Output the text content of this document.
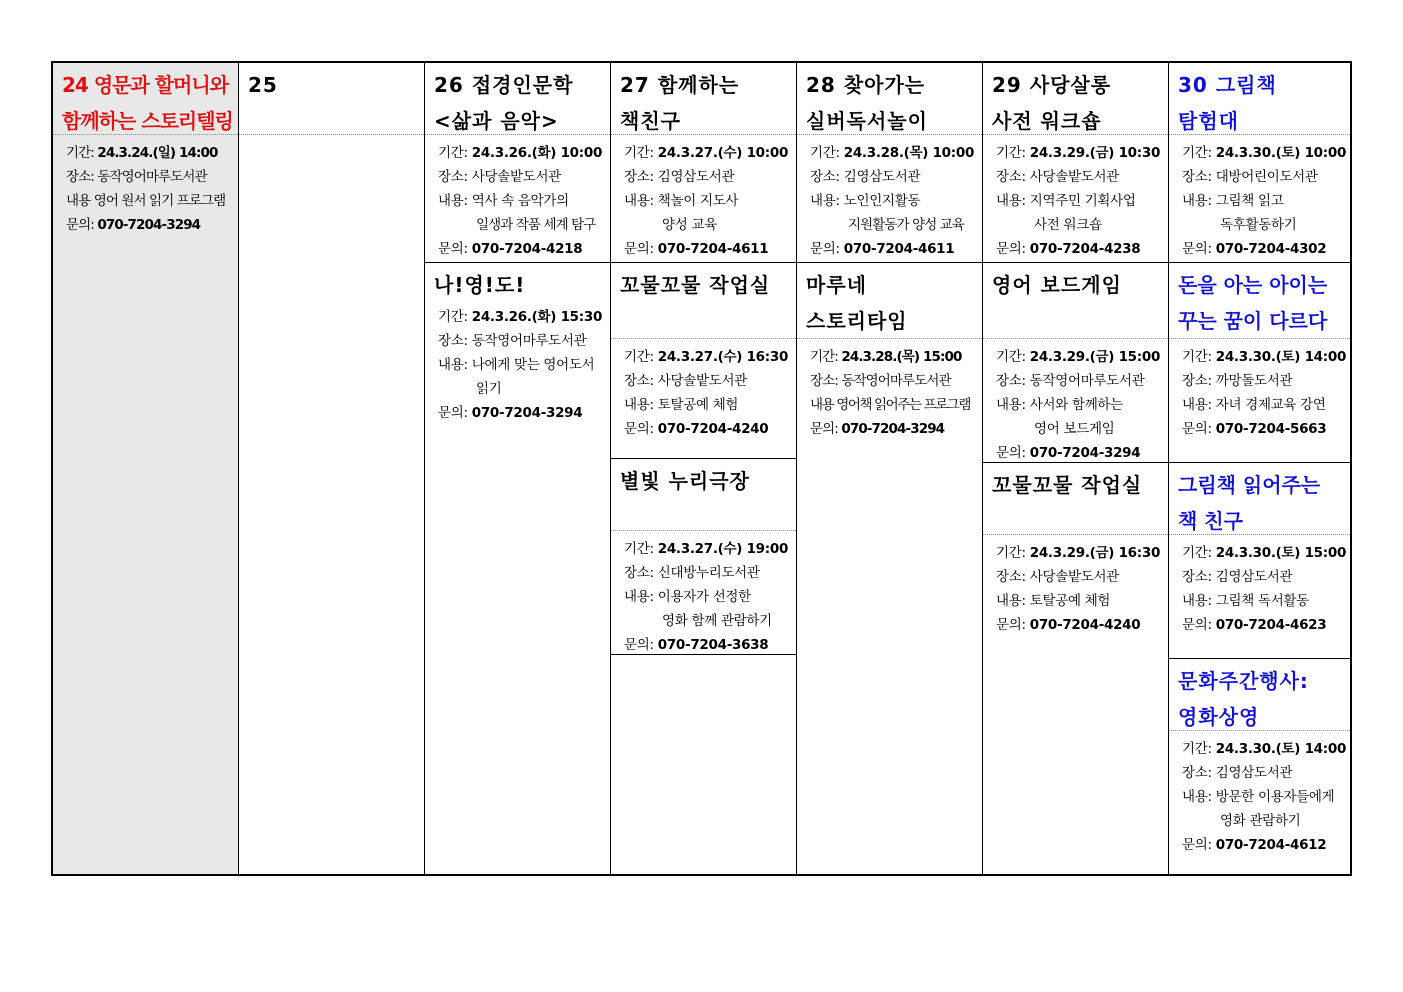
24 영문과 할머니와
함께하는 스토리텔링
기간: 24.3.24.(일) 14:00
장소: 동작영어마루도서관
내용 영어 원서 읽기 프로그램
문의: 070-7204-3294
25	26 접경인문학
<삶과 음악>
기간: 24.3.26.(화) 10:00
장소: 사당솔밭도서관
내용: 역사 속 음악가의
일생과 작품 세계 탐구
문의: 070-7204-4218
나!영!도!
기간: 24.3.26.(화) 15:30
장소: 동작영어마루도서관
내용: 나에게 맞는 영어도서
읽기
문의: 070-7204-3294
27 함께하는
책친구
기간: 24.3.27.(수) 10:00
장소: 김영삼도서관
내용: 책놀이 지도사
양성 교육
문의: 070-7204-4611
꼬물꼬물 작업실
기간: 24.3.27.(수) 16:30
장소: 사당솔밭도서관
내용: 토탈공예 체험
문의: 070-7204-4240
별빛 누리극장
기간: 24.3.27.(수) 19:00
장소: 신대방누리도서관
내용: 이용자가 선정한
영화 함께 관람하기
문의: 070-7204-3638
28 찾아가는
실버독서놀이
기간: 24.3.28.(목) 10:00
장소: 김영삼도서관
내용: 노인인지활동
지원활동가 양성 교육
문의: 070-7204-4611
마루네
스토리타임
기간: 24.3.28.(목) 15:00
장소: 동작영어마루도서관
내용 영어책 읽어주는 프로그램
문의: 070-7204-3294
29 사당살롱
사전 워크숍
기간: 24.3.29.(금) 10:30
장소: 사당솔밭도서관
내용: 지역주민 기획사업
사전 워크숍
문의: 070-7204-4238
영어 보드게임
기간: 24.3.29.(금) 15:00
장소: 동작영어마루도서관
내용: 사서와 함께하는
영어 보드게임
문의: 070-7204-3294
꼬물꼬물 작업실
기간: 24.3.29.(금) 16:30
장소: 사당솔밭도서관
내용: 토탈공예 체험
문의: 070-7204-4240
30 그림책
탐험대
기간: 24.3.30.(토) 10:00
장소: 대방어린이도서관
내용: 그림책 읽고
독후활동하기
문의: 070-7204-4302
돈을 아는 아이는
꾸는 꿈이 다르다
기간: 24.3.30.(토) 14:00
장소: 까망돌도서관
내용: 자녀 경제교육 강연
문의: 070-7204-5663
그림책 읽어주는
책 친구
기간: 24.3.30.(토) 15:00
장소: 김영삼도서관
내용: 그림책 독서활동
문의: 070-7204-4623
문화주간행사:
영화상영
기간: 24.3.30.(토) 14:00
장소: 김영삼도서관
내용: 방문한 이용자들에게
영화 관람하기
문의: 070-7204-4612
